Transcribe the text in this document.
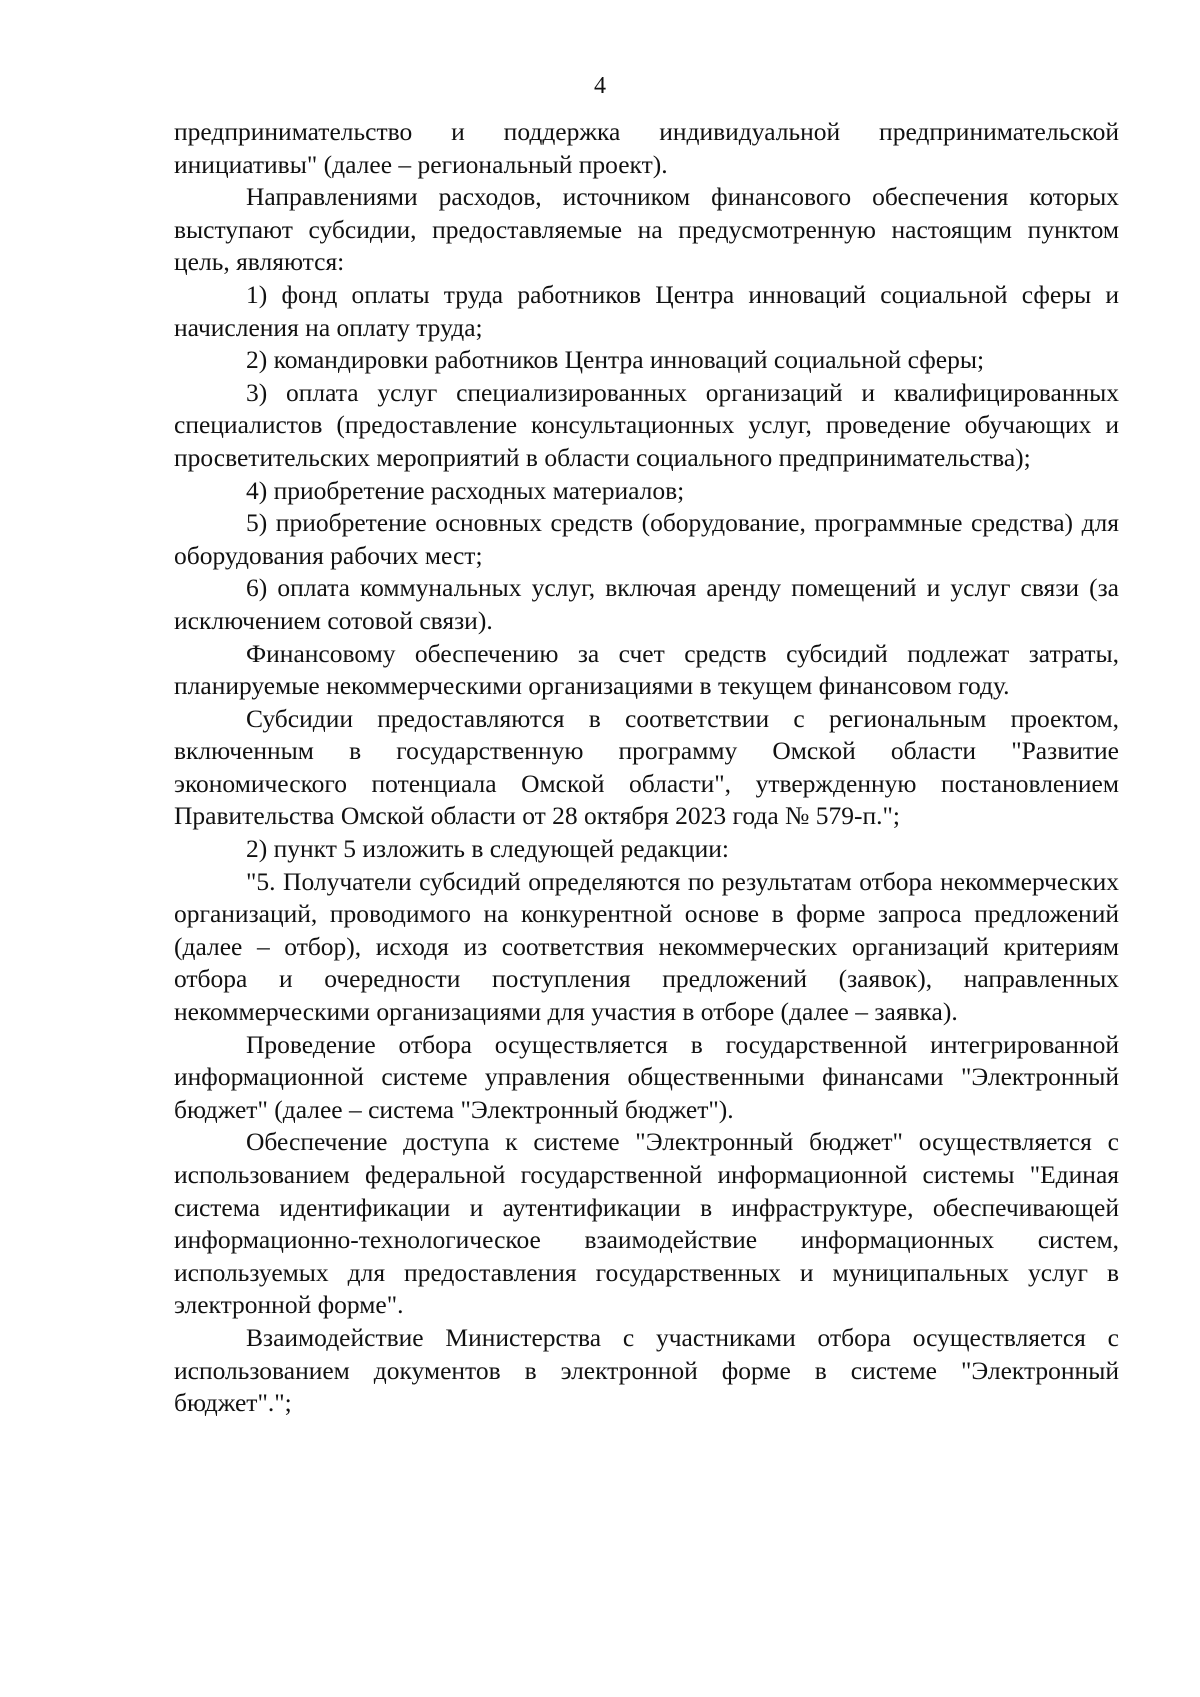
4

предпринимательство и поддержка индивидуальной предпринимательской инициативы" (далее – региональный проект).

Направлениями расходов, источником финансового обеспечения которых выступают субсидии, предоставляемые на предусмотренную настоящим пунктом цель, являются:

1) фонд оплаты труда работников Центра инноваций социальной сферы и начисления на оплату труда;

2) командировки работников Центра инноваций социальной сферы;

3) оплата услуг специализированных организаций и квалифицированных специалистов (предоставление консультационных услуг, проведение обучающих и просветительских мероприятий в области социального предпринимательства);

4) приобретение расходных материалов;

5) приобретение основных средств (оборудование, программные средства) для оборудования рабочих мест;

6) оплата коммунальных услуг, включая аренду помещений и услуг связи (за исключением сотовой связи).

Финансовому обеспечению за счет средств субсидий подлежат затраты, планируемые некоммерческими организациями в текущем финансовом году.

Субсидии предоставляются в соответствии с региональным проектом, включенным в государственную программу Омской области "Развитие экономического потенциала Омской области", утвержденную постановлением Правительства Омской области от 28 октября 2023 года № 579-п.";

2) пункт 5 изложить в следующей редакции:

"5. Получатели субсидий определяются по результатам отбора некоммерческих организаций, проводимого на конкурентной основе в форме запроса предложений (далее – отбор), исходя из соответствия некоммерческих организаций критериям отбора и очередности поступления предложений (заявок), направленных некоммерческими организациями для участия в отборе (далее – заявка).

Проведение отбора осуществляется в государственной интегрированной информационной системе управления общественными финансами "Электронный бюджет" (далее – система "Электронный бюджет").

Обеспечение доступа к системе "Электронный бюджет" осуществляется с использованием федеральной государственной информационной системы "Единая система идентификации и аутентификации в инфраструктуре, обеспечивающей информационно-технологическое взаимодействие информационных систем, используемых для предоставления государственных и муниципальных услуг в электронной форме".

Взаимодействие Министерства с участниками отбора осуществляется с использованием документов в электронной форме в системе "Электронный бюджет".";
